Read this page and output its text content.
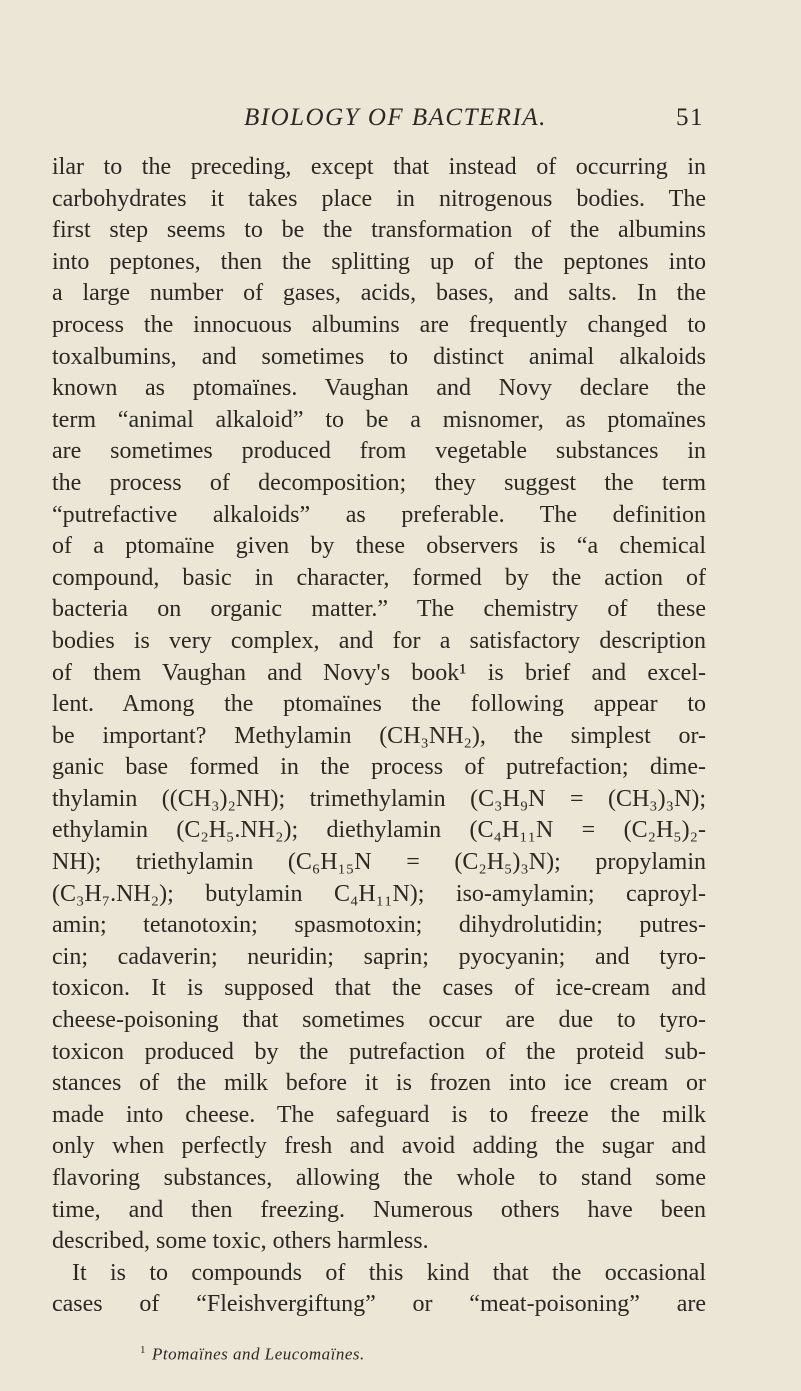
BIOLOGY OF BACTERIA.	51
ilar to the preceding, except that instead of occurring in
carbohydrates it takes place in nitrogenous bodies. The
first step seems to be the transformation of the albumins
into peptones, then the splitting up of the peptones into
a large number of gases, acids, bases, and salts. In the
process the innocuous albumins are frequently changed to
toxalbumins, and sometimes to distinct animal alkaloids
known as ptomaïnes. Vaughan and Novy declare the
term “animal alkaloid” to be a misnomer, as ptomaïnes
are sometimes produced from vegetable substances in
the process of decomposition; they suggest the term
“putrefactive alkaloids” as preferable. The definition
of a ptomaïne given by these observers is “a chemical
compound, basic in character, formed by the action of
bacteria on organic matter.” The chemistry of these
bodies is very complex, and for a satisfactory description
of them Vaughan and Novy's book¹ is brief and excel-
lent. Among the ptomaïnes the following appear to
be important? Methylamin (CH₃NH₂), the simplest or-
ganic base formed in the process of putrefaction; dime-
thylamin ((CH₃)₂NH); trimethylamin (C₃H₉N = (CH₃)₃N);
ethylamin (C₂H₅.NH₂); diethylamin (C₄H₁₁N = (C₂H₅)₂-
NH); triethylamin (C₆H₁₅N = (C₂H₅)₃N); propylamin
(C₃H₇.NH₂); butylamin C₄H₁₁N); iso-amylamin; caproyl-
amin; tetanotoxin; spasmotoxin; dihydrolutidin; putres-
cin; cadaverin; neuridin; saprin; pyocyanin; and tyro-
toxicon. It is supposed that the cases of ice-cream and
cheese-poisoning that sometimes occur are due to tyro-
toxicon produced by the putrefaction of the proteid sub-
stances of the milk before it is frozen into ice cream or
made into cheese. The safeguard is to freeze the milk
only when perfectly fresh and avoid adding the sugar and
flavoring substances, allowing the whole to stand some
time, and then freezing. Numerous others have been
described, some toxic, others harmless.
It is to compounds of this kind that the occasional
cases of “Fleishvergiftung” or “meat-poisoning” are
$^1$ Ptomaïnes and Leucomaïnes.
